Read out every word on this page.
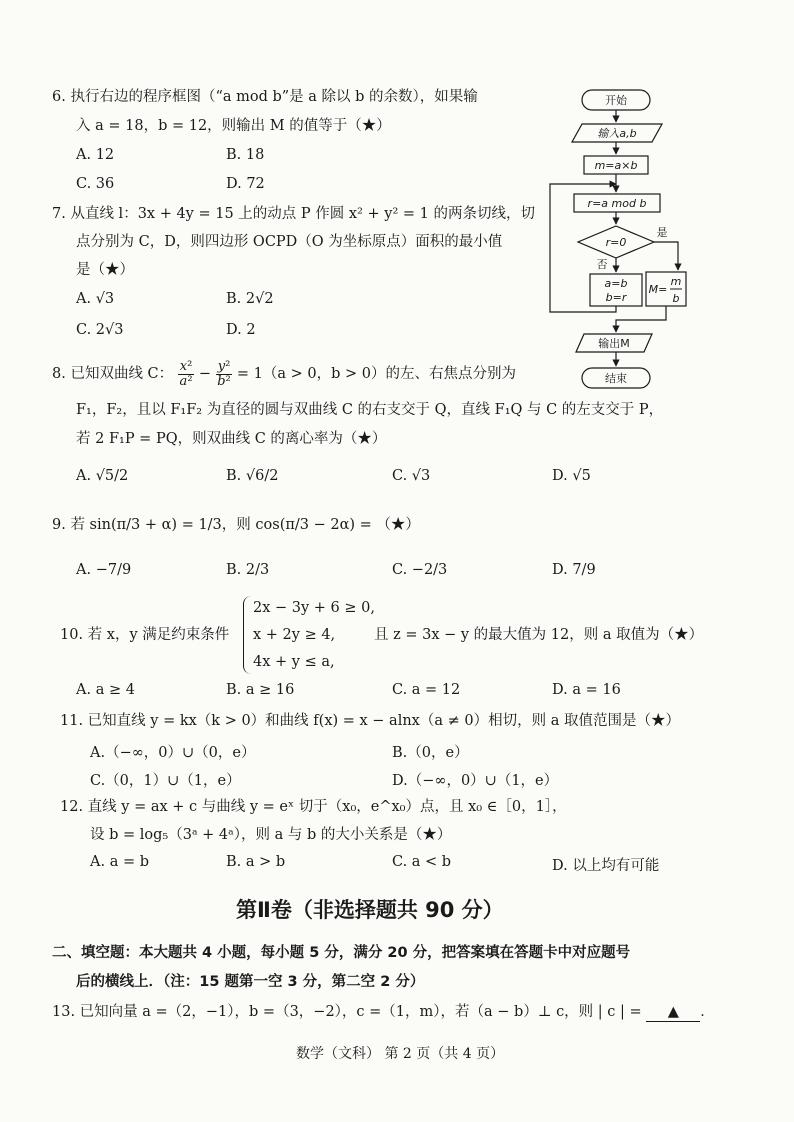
6. 执行右边的程序框图（“a mod b”是 a 除以 b 的余数），如果输
入 a = 18，b = 12，则输出 M 的值等于（★）
A. 12	B. 18
C. 36	D. 72
7. 从直线 l：3x + 4y = 15 上的动点 P 作圆 x² + y² = 1 的两条切线，切
点分别为 C，D，则四边形 OCPD（O 为坐标原点）面积的最小值
是（★）
A. √3	B. 2√2
C. 2√3	D. 2
8. 已知双曲线 C： $\frac{\text{x²}}{\text{a²}} - \frac{\text{y²}}{\text{b²}} = 1(a > 0$，b > 0）的左、右焦点分别为
F₁，F₂，且以 F₁F₂ 为直径的圆与双曲线 C 的右支交于 Q，直线 F₁Q 与 C 的左支交于 P，
若 2 F₁P = PQ，则双曲线 C 的离心率为（★）
A. √5/2	B. √6/2	C. √3	D. √5
9. 若 sin(π/3 + α) = 1/3，则 cos(π/3 − 2α) = （★）
A. −7/9	B. 2/3	C. −2/3	D. 7/9
10. 若 x，y 满足约束条件
2x − 3y + 6 ≥ 0,
x + 2y ≥ 4,
4x + y ≤ a,
且 z = 3x − y 的最大值为 12，则 a 取值为（★）
A. a ≥ 4	B. a ≥ 16	C. a = 12	D. a = 16
11. 已知直线 y = kx（k > 0）和曲线 f(x) = x − alnx（a ≠ 0）相切，则 a 取值范围是（★）
A.（−∞，0）∪（0，e）	B.（0，e）
C.（0，1）∪（1，e）	D.（−∞，0）∪（1，e）
12. 直线 y = ax + c 与曲线 y = eˣ 切于（x₀，e^x₀）点，且 x₀ ∈［0，1］，
设 b = log₅（3ᵃ + 4ᵃ），则 a 与 b 的大小关系是（★）
A. a = b	B. a > b	C. a < b	D. 以上均有可能
第Ⅱ卷（非选择题共 90 分）
二、填空题：本大题共 4 小题，每小题 5 分，满分 20 分，把答案填在答题卡中对应题号
后的横线上．（注：15 题第一空 3 分，第二空 2 分）
13. 已知向量 a =（2，−1），b =（3，−2），c =（1，m），若（a − b）⊥ c，则 | c | = ▲ ．
数学（文科） 第 2 页（共 4 页）
开始
输入a,b
m=a×b
r=a mod b
r=0
是
否
a=b
b=r
M=
m
b
输出M
结束
